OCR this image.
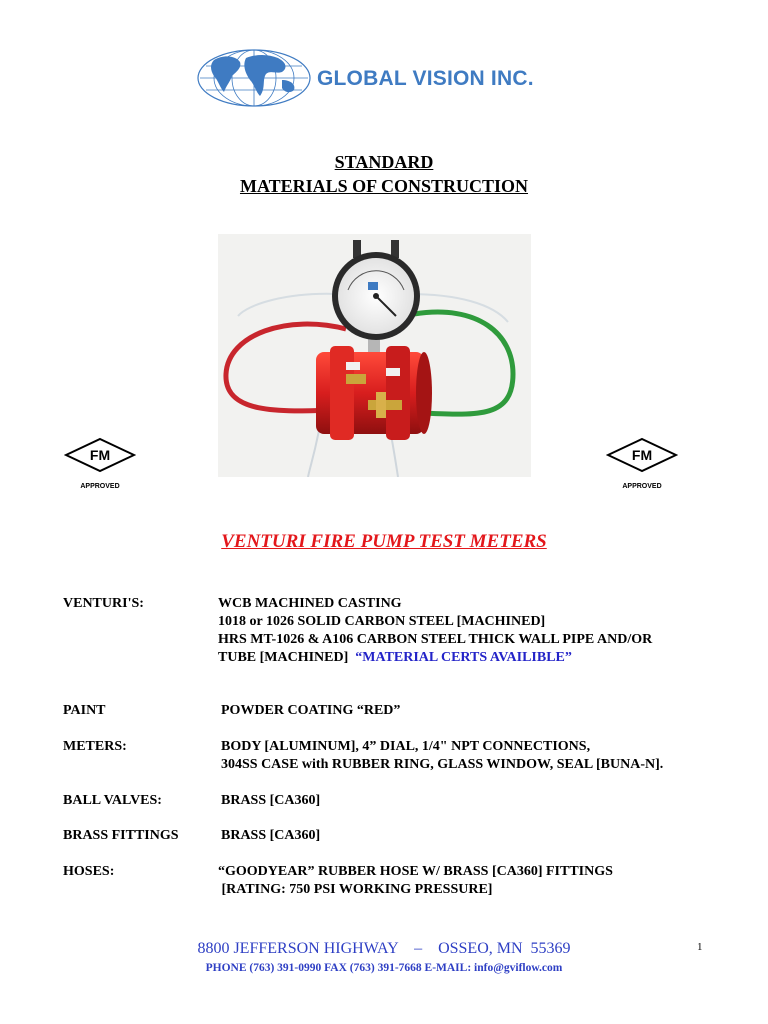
GLOBAL VISION INC.
STANDARD
MATERIALS OF CONSTRUCTION
FM
APPROVED
FM
APPROVED
VENTURI FIRE PUMP TEST METERS
VENTURI'S:	WCB MACHINED CASTING
1018 or 1026 SOLID CARBON STEEL [MACHINED]
HRS MT-1026 & A106 CARBON STEEL THICK WALL PIPE AND/OR
TUBE [MACHINED] “MATERIAL CERTS AVAILIBLE”
PAINT	POWDER COATING “RED”
METERS:	BODY [ALUMINUM], 4” DIAL, 1/4" NPT CONNECTIONS,
304SS CASE with RUBBER RING, GLASS WINDOW, SEAL [BUNA-N].
BALL VALVES:	BRASS [CA360]
BRASS FITTINGS	BRASS [CA360]
HOSES:	“GOODYEAR” RUBBER HOSE W/ BRASS [CA360] FITTINGS
[RATING: 750 PSI WORKING PRESSURE]
8800 JEFFERSON HIGHWAY    –    OSSEO, MN  55369
PHONE (763) 391-0990 FAX (763) 391-7668 E-MAIL: info@gviflow.com
1
